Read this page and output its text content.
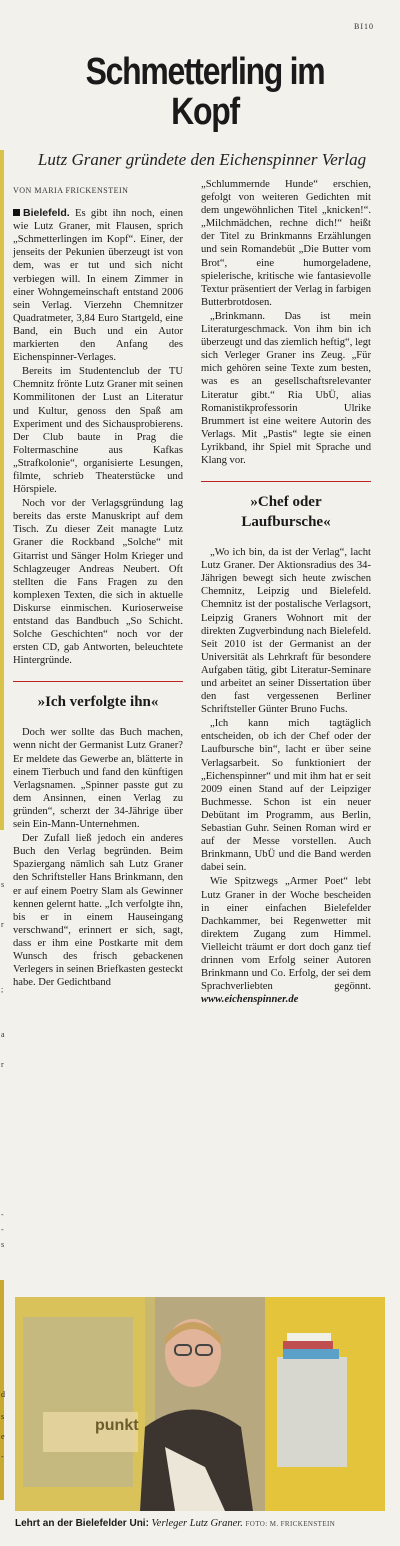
BI10
s
r
;
a
r
-
-
s
d
s
e
-
Schmetterling im Kopf
Lutz Graner gründete den Eichenspinner Verlag
VON MARIA FRICKENSTEIN

Bielefeld. Es gibt ihn noch, einen wie Lutz Graner, mit Flausen, sprich „Schmetterlingen im Kopf“. Einer, der jenseits der Pekunien überzeugt ist von dem, was er tut und sich nicht verbiegen will. In einem Zimmer in einer Wohngemeinschaft entstand 2006 sein Verlag. Vierzehn Chemnitzer Quadratmeter, 3,84 Euro Startgeld, eine Band, ein Buch und ein Autor markierten den Anfang des Eichenspinner-Verlages.

Bereits im Studentenclub der TU Chemnitz frönte Lutz Graner mit seinen Kommilitonen der Lust an Literatur und Kultur, genoss den Spaß am Experiment und des Sichausprobierens. Der Club baute in Prag die Foltermaschine aus Kafkas „Strafkolonie“, organisierte Lesungen, filmte, schrieb Theaterstücke und Hörspiele.

Noch vor der Verlagsgründung lag bereits das erste Manuskript auf dem Tisch. Zu dieser Zeit managte Lutz Graner die Rockband „Solche“ mit Gitarrist und Sänger Holm Krieger und Schlagzeuger Andreas Neubert. Oft stellten die Fans Fragen zu den komplexen Texten, die sich in aktuelle Diskurse einmischen. Kurioserweise entstand das Bandbuch „So Schicht. Solche Geschichten“ noch vor der ersten CD, gab Antworten, beleuchtete Hintergründe.

»Ich verfolgte ihn«

Doch wer sollte das Buch machen, wenn nicht der Germanist Lutz Graner? Er meldete das Gewerbe an, blätterte in einem Tierbuch und fand den künftigen Verlagsnamen. „Spinner passte gut zu dem Ansinnen, einen Verlag zu gründen“, scherzt der 34-Jährige über sein Ein-Mann-Unternehmen.

Der Zufall ließ jedoch ein anderes Buch den Verlag begründen. Beim Spaziergang nämlich sah Lutz Graner den Schriftsteller Hans Brinkmann, den er auf einem Poetry Slam als Gewinner kennen gelernt hatte. „Ich verfolgte ihn, bis er in einem Hauseingang verschwand“, erinnert er sich, sagt, dass er ihm eine Postkarte mit dem Wunsch des frisch gebackenen Verlegers in seinen Briefkasten gesteckt habe. Der Gedichtband

„Schlummernde Hunde“ erschien, gefolgt von weiteren Gedichten mit dem ungewöhnlichen Titel „knicken!“. „Milchmädchen, rechne dich!“ heißt der Titel zu Brinkmanns Erzählungen und sein Romandebüt „Die Butter vom Brot“, eine humorgeladene, spielerische, kritische wie fantasievolle Textur präsentiert der Verlag in farbigen Butterbrotdosen.

„Brinkmann. Das ist mein Literaturgeschmack. Von ihm bin ich überzeugt und das ziemlich heftig“, legt sich Verleger Graner ins Zeug. „Für mich gehören seine Texte zum besten, was es an gesellschaftsrelevanter Literatur gibt.“ Ria UbÜ, alias Romanistikprofessorin Ulrike Brummert ist eine weitere Autorin des Verlags. Mit „Pastis“ legte sie einen Lyrikband, ihr Spiel mit Sprache und Klang vor.

»Chef oder Laufbursche«

„Wo ich bin, da ist der Verlag“, lacht Lutz Graner. Der Aktionsradius des 34-Jährigen bewegt sich heute zwischen Chemnitz, Leipzig und Bielefeld. Chemnitz ist der postalische Verlagsort, Leipzig Graners Wohnort mit der direkten Zugverbindung nach Bielefeld. Seit 2010 ist der Germanist an der Universität als Lehrkraft für besondere Aufgaben tätig, gibt Literatur-Seminare und arbeitet an seiner Dissertation über den fast vergessenen Berliner Schriftsteller Günter Bruno Fuchs.

„Ich kann mich tagtäglich entscheiden, ob ich der Chef oder der Laufbursche bin“, lacht er über seine Verlagsarbeit. So funktioniert der „Eichenspinner“ und mit ihm hat er seit 2009 einen Stand auf der Leipziger Buchmesse. Schon ist ein neuer Debütant im Programm, aus Berlin, Sebastian Guhr. Seinen Roman wird er auf der Messe vorstellen. Auch Brinkmann, UbÜ und die Band werden dabei sein.

Wie Spitzwegs „Armer Poet“ lebt Lutz Graner in der Woche bescheiden in einer einfachen Bielefelder Dachkammer, bei Regenwetter mit direktem Zugang zum Himmel. Vielleicht träumt er dort doch ganz tief drinnen vom Erfolg seiner Autoren Brinkmann und Co. Erfolg, der sei dem Sprachverliebten gegönnt. www.eichenspinner.de

punkt
Lehrt an der Bielefelder Uni: Verleger Lutz Graner. FOTO: M. FRICKENSTEIN
